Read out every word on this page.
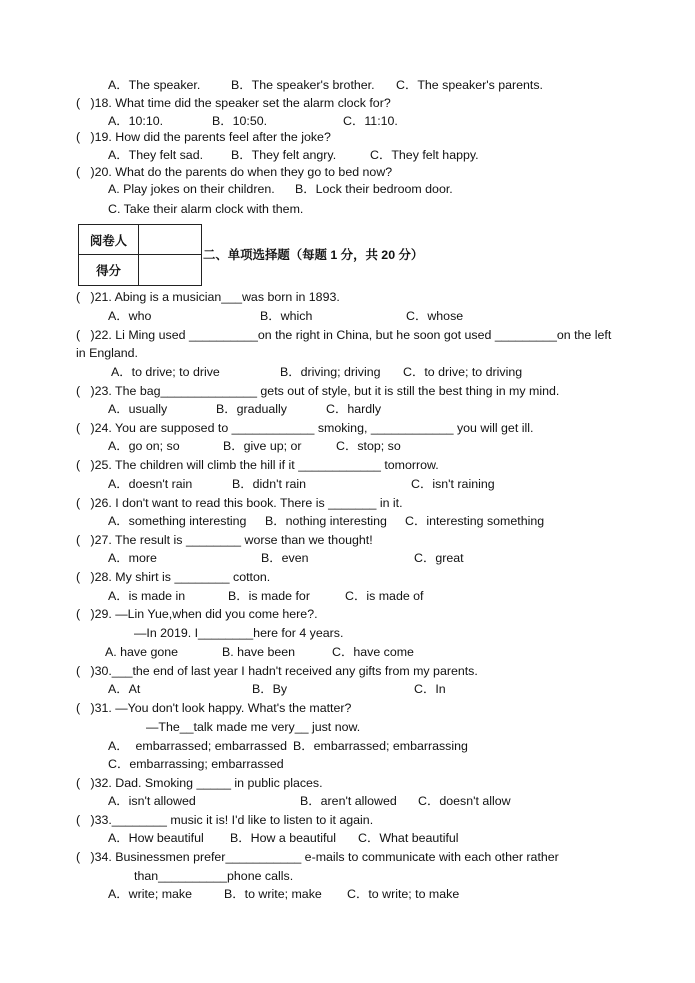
A．The speaker. B．The speaker's brother. C．The speaker's parents.
(   )18. What time did the speaker set the alarm clock for?
A．10:10.	B．10:50.	C．11:10.
(   )19. How did the parents feel after the joke?
A．They felt sad. B．They felt angry.	C．They felt happy.
(   )20. What do the parents do when they go to bed now?
A. Play jokes on their children. B．Lock their bedroom door.
C. Take their alarm clock with them.
阅卷人
得分
二、单项选择题（每题 1 分，共 20 分）
(   )21. Abing is a musician___was born in 1893.
A．who	B．which	C．whose
(   )22. Li Ming used __________on the right in China, but he soon got used _________on the left
in England.
A．to drive; to drive	B．driving; driving C．to drive; to driving
(   )23. The bag______________ gets out of style, but it is still the best thing in my mind.
A．usually	B．gradually	C．hardly
(   )24. You are supposed to ____________ smoking, ____________ you will get ill.
A．go on; so	B．give up; or	C．stop; so
(   )25. The children will climb the hill if it ____________ tomorrow.
A．doesn't rain	B．didn't rain	C．isn't raining
(   )26. I don't want to read this book. There is _______ in it.
A．something interesting B．nothing interesting C．interesting something
(   )27. The result is ________ worse than we thought!
A．more	B．even	C．great
(   )28. My shirt is ________ cotton.
A．is made in	B．is made for	C．is made of
(   )29. —Lin Yue,when did you come here?.
—In 2019. I________here for 4 years.
A. have gone	B. have been	C．have come
(   )30.___the end of last year I hadn't received any gifts from my parents.
A．At	B．By	C．In
(   )31. —You don't look happy. What's the matter?
—The__talk made me very__ just now.
A．  embarrassed; embarrassed B．embarrassed; embarrassing
C．embarrassing; embarrassed
(   )32. Dad. Smoking _____ in public places.
A．isn't allowed	B．aren't allowed C．doesn't allow
(   )33.________ music it is! I'd like to listen to it again.
A．How beautiful B．How a beautiful C．What beautiful
(   )34. Businessmen prefer___________ e-mails to communicate with each other rather
than__________phone calls.
A．write; make	B．to write; make C．to write; to make
